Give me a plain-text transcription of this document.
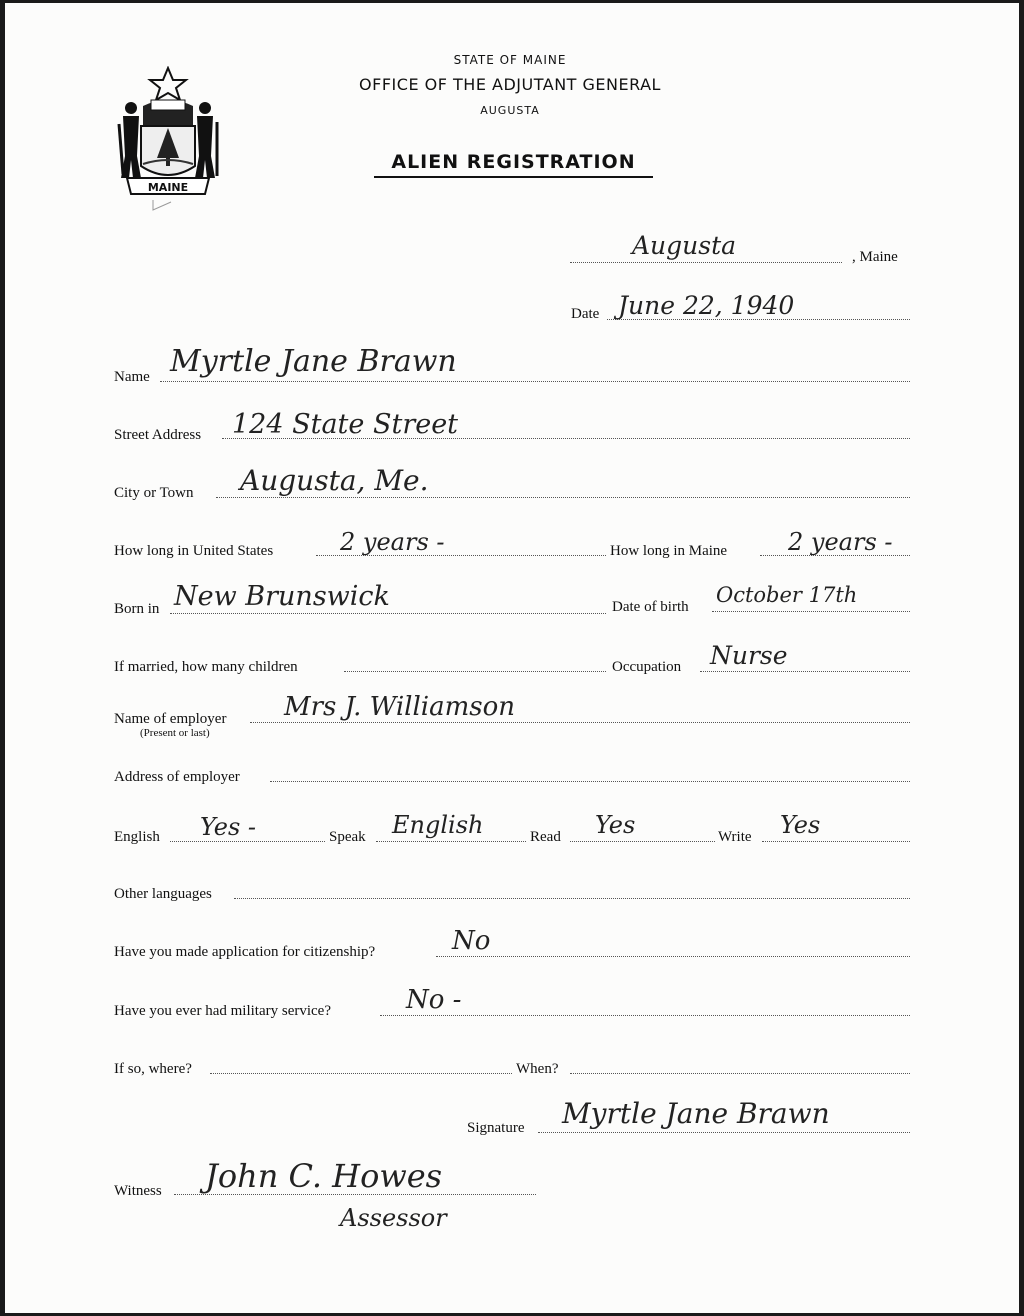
MAINE
STATE OF MAINE
OFFICE OF THE ADJUTANT GENERAL
AUGUSTA
ALIEN REGISTRATION
Augusta	, Maine
Date June 22, 1940
Name Myrtle Jane Brawn
Street Address 124 State Street
City or Town Augusta, Me.
How long in United States	2 years -	How long in Maine	2 years -
Born in New Brunswick	Date of birth October 17th
If married, how many children	Occupation Nurse
Name of employer
(Present or last)
Mrs J. Williamson
Address of employer
English Yes -	Speak English	Read Yes	Write Yes
Other languages
Have you made application for citizenship?	No
Have you ever had military service?	No -
If so, where?	When?
Signature Myrtle Jane Brawn
Witness John C. Howes
Assessor
